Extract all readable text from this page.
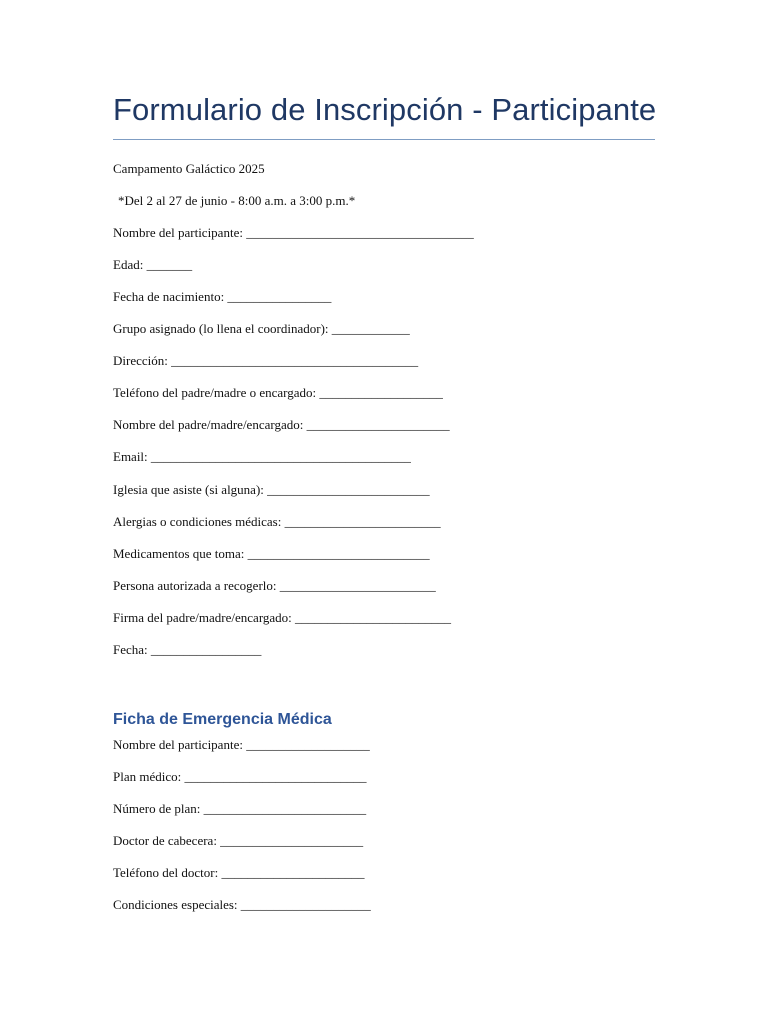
Formulario de Inscripción - Participante

Campamento Galáctico 2025

*Del 2 al 27 de junio - 8:00 a.m. a 3:00 p.m.*

Nombre del participante: ___________________________________

Edad: _______

Fecha de nacimiento: ________________

Grupo asignado (lo llena el coordinador): ____________

Dirección: ______________________________________

Teléfono del padre/madre o encargado: ___________________

Nombre del padre/madre/encargado: ______________________

Email: ________________________________________

Iglesia que asiste (si alguna): _________________________

Alergias o condiciones médicas: ________________________

Medicamentos que toma: ____________________________

Persona autorizada a recogerlo: ________________________

Firma del padre/madre/encargado: ________________________

Fecha: _________________

Ficha de Emergencia Médica

Nombre del participante: ___________________

Plan médico: ____________________________

Número de plan: _________________________

Doctor de cabecera: ______________________

Teléfono del doctor: ______________________

Condiciones especiales: ____________________
